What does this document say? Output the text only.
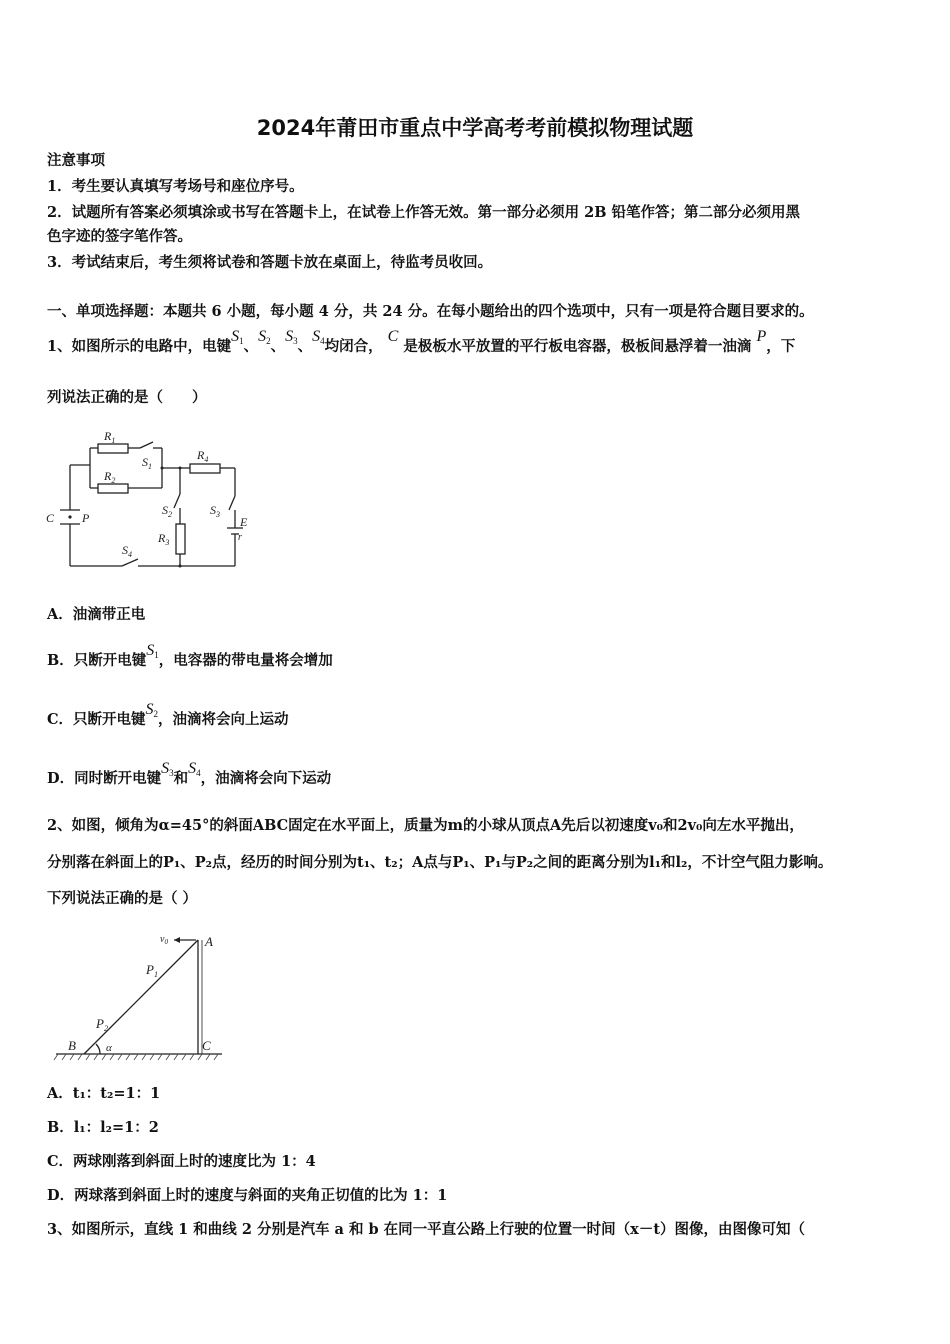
2024年莆田市重点中学高考考前模拟物理试题
注意事项
1．考生要认真填写考场号和座位序号。
2．试题所有答案必须填涂或书写在答题卡上，在试卷上作答无效。第一部分必须用 2B 铅笔作答；第二部分必须用黑
色字迹的签字笔作答。
3．考试结束后，考生须将试卷和答题卡放在桌面上，待监考员收回。
一、单项选择题：本题共 6 小题，每小题 4 分，共 24 分。在每小题给出的四个选项中，只有一项是符合题目要求的。
1、如图所示的电路中，电键S1、S2、S3、S4均闭合， C 是极板水平放置的平行板电容器，极板间悬浮着一油滴 P，下
列说法正确的是（　　）
$R_1$
$R_2$
$R_4$
$R_3$
$S_1$
$S_2$	$S_3$
$S_4$
C P	E
r
A．油滴带正电
B．只断开电键S1，电容器的带电量将会增加
C．只断开电键S2，油滴将会向上运动
D．同时断开电键S3和S4，油滴将会向下运动
2、如图，倾角为α=45°的斜面ABC固定在水平面上，质量为m的小球从顶点A先后以初速度v₀和2v₀向左水平抛出，
分别落在斜面上的P₁、P₂点，经历的时间分别为t₁、t₂；A点与P₁、P₁与P₂之间的距离分别为l₁和l₂，不计空气阻力影响。
下列说法正确的是（ ）
$v_0$	A
$P_1$
$P_2$
B	α	C
A．t₁：t₂=1：1
B．l₁：l₂=1：2
C．两球刚落到斜面上时的速度比为 1：4
D．两球落到斜面上时的速度与斜面的夹角正切值的比为 1：1
3、如图所示，直线 1 和曲线 2 分别是汽车 a 和 b 在同一平直公路上行驶的位置一时间（x－t）图像，由图像可知（
